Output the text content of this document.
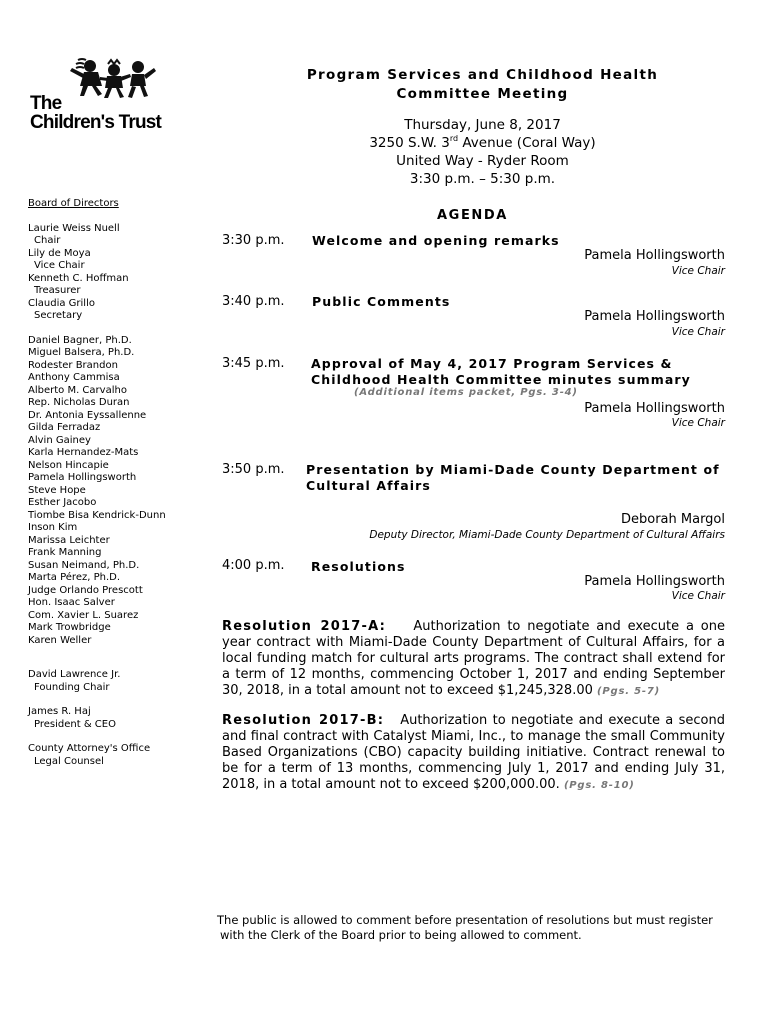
The
Children's Trust
Program Services and Childhood Health
Committee Meeting
Thursday, June 8, 2017
3250 S.W. 3rd Avenue (Coral Way)
United Way - Ryder Room
3:30 p.m. – 5:30 p.m.
Board of Directors
Laurie Weiss Nuell
Chair
Lily de Moya
Vice Chair
Kenneth C. Hoffman
Treasurer
Claudia Grillo
Secretary
Daniel Bagner, Ph.D.
Miguel Balsera, Ph.D.
Rodester Brandon
Anthony Cammisa
Alberto M. Carvalho
Rep. Nicholas Duran
Dr. Antonia Eyssallenne
Gilda Ferradaz
Alvin Gainey
Karla Hernandez-Mats
Nelson Hincapie
Pamela Hollingsworth
Steve Hope
Esther Jacobo
Tiombe Bisa Kendrick-Dunn
Inson Kim
Marissa Leichter
Frank Manning
Susan Neimand, Ph.D.
Marta Pérez, Ph.D.
Judge Orlando Prescott
Hon. Isaac Salver
Com. Xavier L. Suarez
Mark Trowbridge
Karen Weller
David Lawrence Jr.
Founding Chair
James R. Haj
President & CEO
County Attorney's Office
Legal Counsel
AGENDA
3:30 p.m. Welcome and opening remarks
Pamela Hollingsworth
Vice Chair
3:40 p.m. Public Comments
Pamela Hollingsworth
Vice Chair
3:45 p.m. Approval of May 4, 2017 Program Services &
Childhood Health Committee minutes summary
(Additional items packet, Pgs. 3-4)
Pamela Hollingsworth
Vice Chair
3:50 p.m. Presentation by Miami-Dade County Department of
Cultural Affairs
Deborah Margol
Deputy Director, Miami-Dade County Department of Cultural Affairs
4:00 p.m. Resolutions
Pamela Hollingsworth
Vice Chair
Resolution 2017-A: Authorization to negotiate and execute a one year contract with Miami-Dade County Department of Cultural Affairs, for a local funding match for cultural arts programs. The contract shall extend for a term of 12 months, commencing October 1, 2017 and ending September 30, 2018, in a total amount not to exceed $1,245,328.00 (Pgs. 5-7)
Resolution 2017-B: Authorization to negotiate and execute a second and final contract with Catalyst Miami, Inc., to manage the small Community Based Organizations (CBO) capacity building initiative. Contract renewal to be for a term of 13 months, commencing July 1, 2017 and ending July 31, 2018, in a total amount not to exceed $200,000.00. (Pgs. 8-10)
The public is allowed to comment before presentation of resolutions but must register
with the Clerk of the Board prior to being allowed to comment.
